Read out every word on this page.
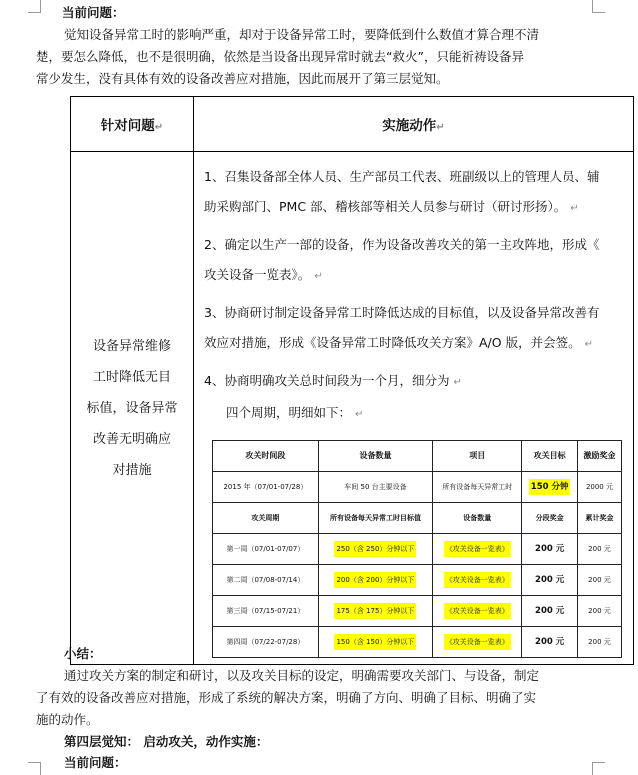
当前问题：
觉知设备异常工时的影响严重，却对于设备异常工时，要降低到什么数值才算合理不清
楚，要怎么降低，也不是很明确，依然是当设备出现异常时就去“救火”，只能祈祷设备异
常少发生，没有具体有效的设备改善应对措施，因此而展开了第三层觉知。
针对问题↵	实施动作↵

设备异常维修
工时降低无目
标值，设备异常
改善无明确应
对措施

1、召集设备部全体人员、生产部员工代表、班副级以上的管理人员、辅
助采购部门、PMC 部、稽核部等相关人员参与研讨（研讨形扬）。 ↵
2、确定以生产一部的设备，作为设备改善攻关的第一主攻阵地，形成《
攻关设备一览表》。 ↵
3、协商研讨制定设备异常工时降低达成的目标值，以及设备异常改善有
效应对措施，形成《设备异常工时降低攻关方案》A/O 版，并会签。 ↵
4、协商明确攻关总时间段为一个月，细分为 ↵
四个周期，明细如下： ↵
攻关时间段	设备数量	项目	攻关目标	激励奖金
2015 年（07/01-07/28）	车间 50 台主要设备	所有设备每天异常工时	150 分钟	2000 元
攻关周期	所有设备每天异常工时目标值	设备数量	分段奖金	累计奖金
第一周（07/01-07/07）	250（含 250）分钟以下	《攻关设备一览表》	200 元	200 元
第二周（07/08-07/14）	200（含 200）分钟以下	《攻关设备一览表》	200 元	200 元
第三周（07/15-07/21）	175（含 175）分钟以下	《攻关设备一览表》	200 元	200 元
第四周（07/22-07/28）	150（含 150）分钟以下	《攻关设备一览表》	200 元	200 元
小结：
通过攻关方案的制定和研讨，以及攻关目标的设定，明确需要攻关部门、与设备，制定
了有效的设备改善应对措施，形成了系统的解决方案，明确了方向、明确了目标、明确了实
施的动作。
第四层觉知： 启动攻关，动作实施：
当前问题：
